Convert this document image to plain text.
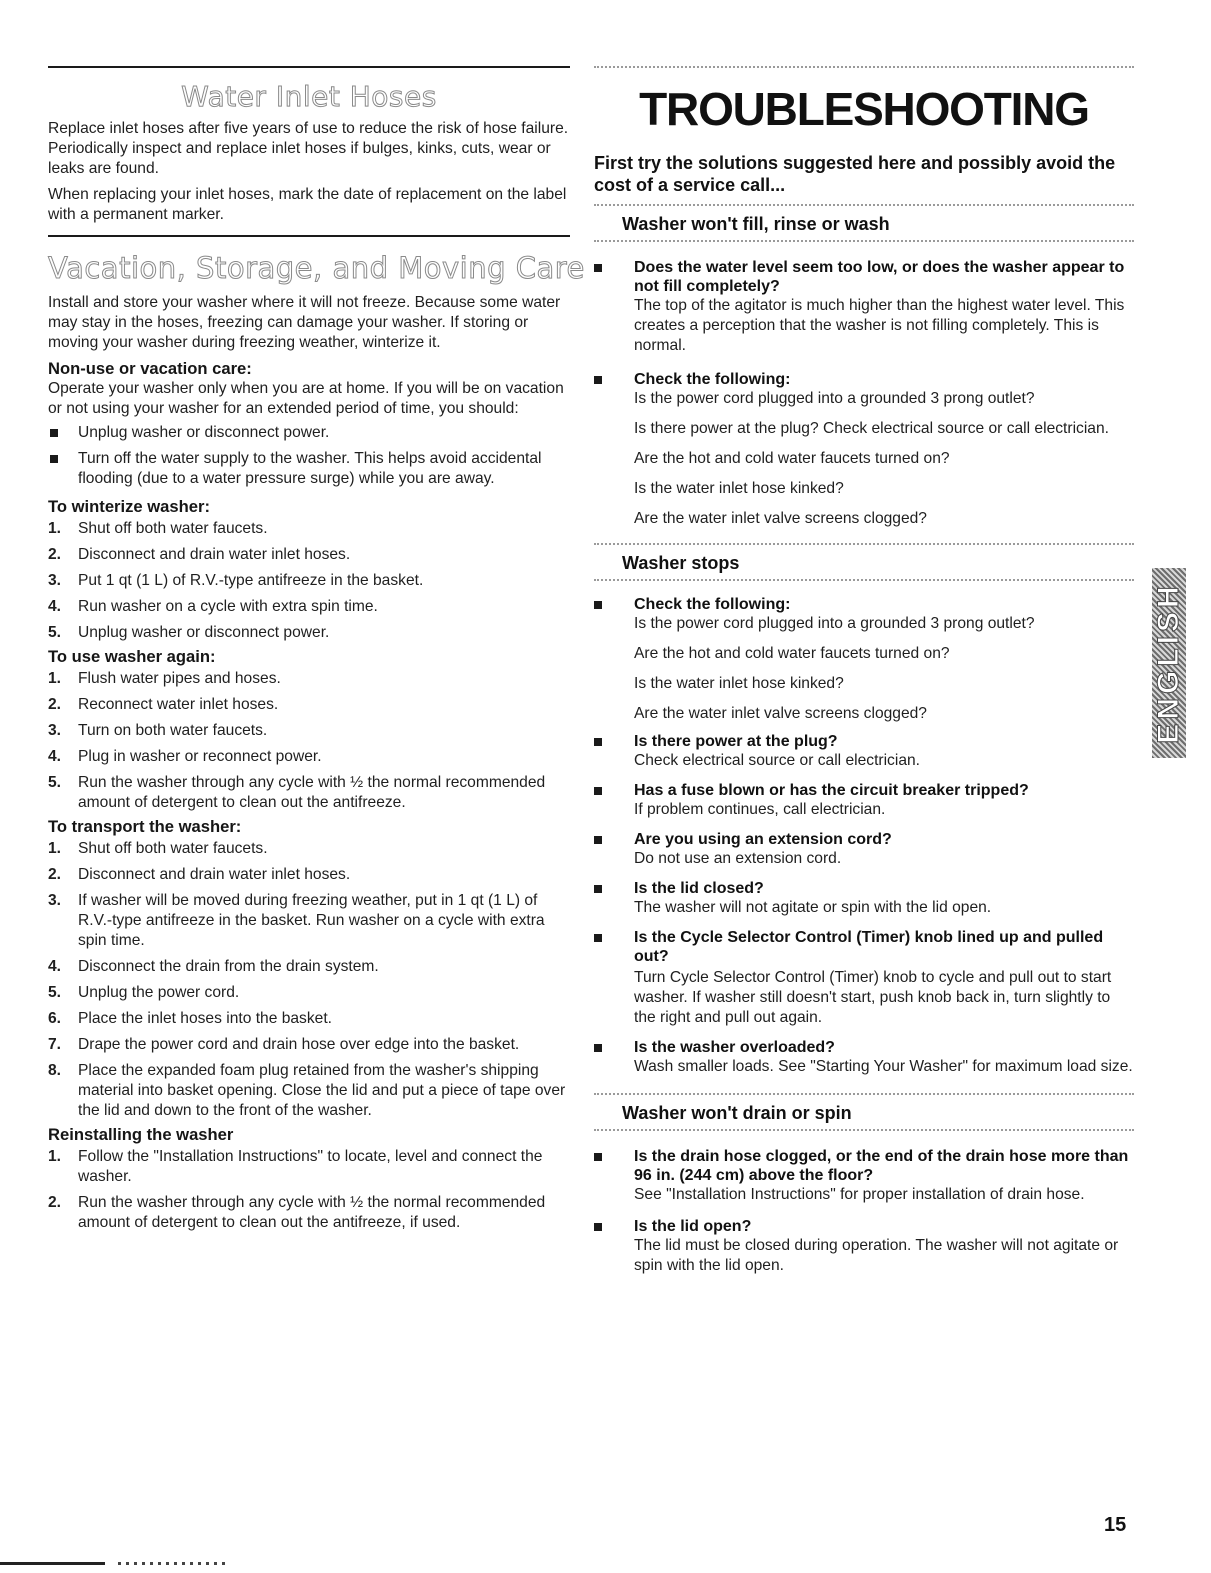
Water Inlet Hoses

Replace inlet hoses after five years of use to reduce the risk of hose failure. Periodically inspect and replace inlet hoses if bulges, kinks, cuts, wear or leaks are found.

When replacing your inlet hoses, mark the date of replacement on the label with a permanent marker.

Vacation, Storage, and Moving Care

Install and store your washer where it will not freeze. Because some water may stay in the hoses, freezing can damage your washer. If storing or moving your washer during freezing weather, winterize it.

Non-use or vacation care:

Operate your washer only when you are at home. If you will be on vacation or not using your washer for an extended period of time, you should:

Unplug washer or disconnect power.
Turn off the water supply to the washer. This helps avoid accidental flooding (due to a water pressure surge) while you are away.

To winterize washer:

1. Shut off both water faucets.
2. Disconnect and drain water inlet hoses.
3. Put 1 qt (1 L) of R.V.-type antifreeze in the basket.
4. Run washer on a cycle with extra spin time.
5. Unplug washer or disconnect power.

To use washer again:

1. Flush water pipes and hoses.
2. Reconnect water inlet hoses.
3. Turn on both water faucets.
4. Plug in washer or reconnect power.
5. Run the washer through any cycle with ½ the normal recommended amount of detergent to clean out the antifreeze.

To transport the washer:

1. Shut off both water faucets.
2. Disconnect and drain water inlet hoses.
3. If washer will be moved during freezing weather, put in 1 qt (1 L) of R.V.-type antifreeze in the basket. Run washer on a cycle with extra spin time.
4. Disconnect the drain from the drain system.
5. Unplug the power cord.
6. Place the inlet hoses into the basket.
7. Drape the power cord and drain hose over edge into the basket.
8. Place the expanded foam plug retained from the washer's shipping material into basket opening. Close the lid and put a piece of tape over the lid and down to the front of the washer.

Reinstalling the washer

1. Follow the "Installation Instructions" to locate, level and connect the washer.
2. Run the washer through any cycle with ½ the normal recommended amount of detergent to clean out the antifreeze, if used.
TROUBLESHOOTING

First try the solutions suggested here and possibly avoid the cost of a service call...

Washer won't fill, rinse or wash

Does the water level seem too low, or does the washer appear to not fill completely?

The top of the agitator is much higher than the highest water level. This creates a perception that the washer is not filling completely. This is normal.

Check the following:

Is the power cord plugged into a grounded 3 prong outlet?

Is there power at the plug? Check electrical source or call electrician.

Are the hot and cold water faucets turned on?

Is the water inlet hose kinked?

Are the water inlet valve screens clogged?

Washer stops

Check the following:

Is the power cord plugged into a grounded 3 prong outlet?

Are the hot and cold water faucets turned on?

Is the water inlet hose kinked?

Are the water inlet valve screens clogged?

Is there power at the plug?

Check electrical source or call electrician.

Has a fuse blown or has the circuit breaker tripped?

If problem continues, call electrician.

Are you using an extension cord?

Do not use an extension cord.

Is the lid closed?

The washer will not agitate or spin with the lid open.

Is the Cycle Selector Control (Timer) knob lined up and pulled out?

Turn Cycle Selector Control (Timer) knob to cycle and pull out to start washer. If washer still doesn't start, push knob back in, turn slightly to the right and pull out again.

Is the washer overloaded?

Wash smaller loads. See "Starting Your Washer" for maximum load size.

Washer won't drain or spin

Is the drain hose clogged, or the end of the drain hose more than 96 in. (244 cm) above the floor?

See "Installation Instructions" for proper installation of drain hose.

Is the lid open?

The lid must be closed during operation. The washer will not agitate or spin with the lid open.

ENGLISH
15
